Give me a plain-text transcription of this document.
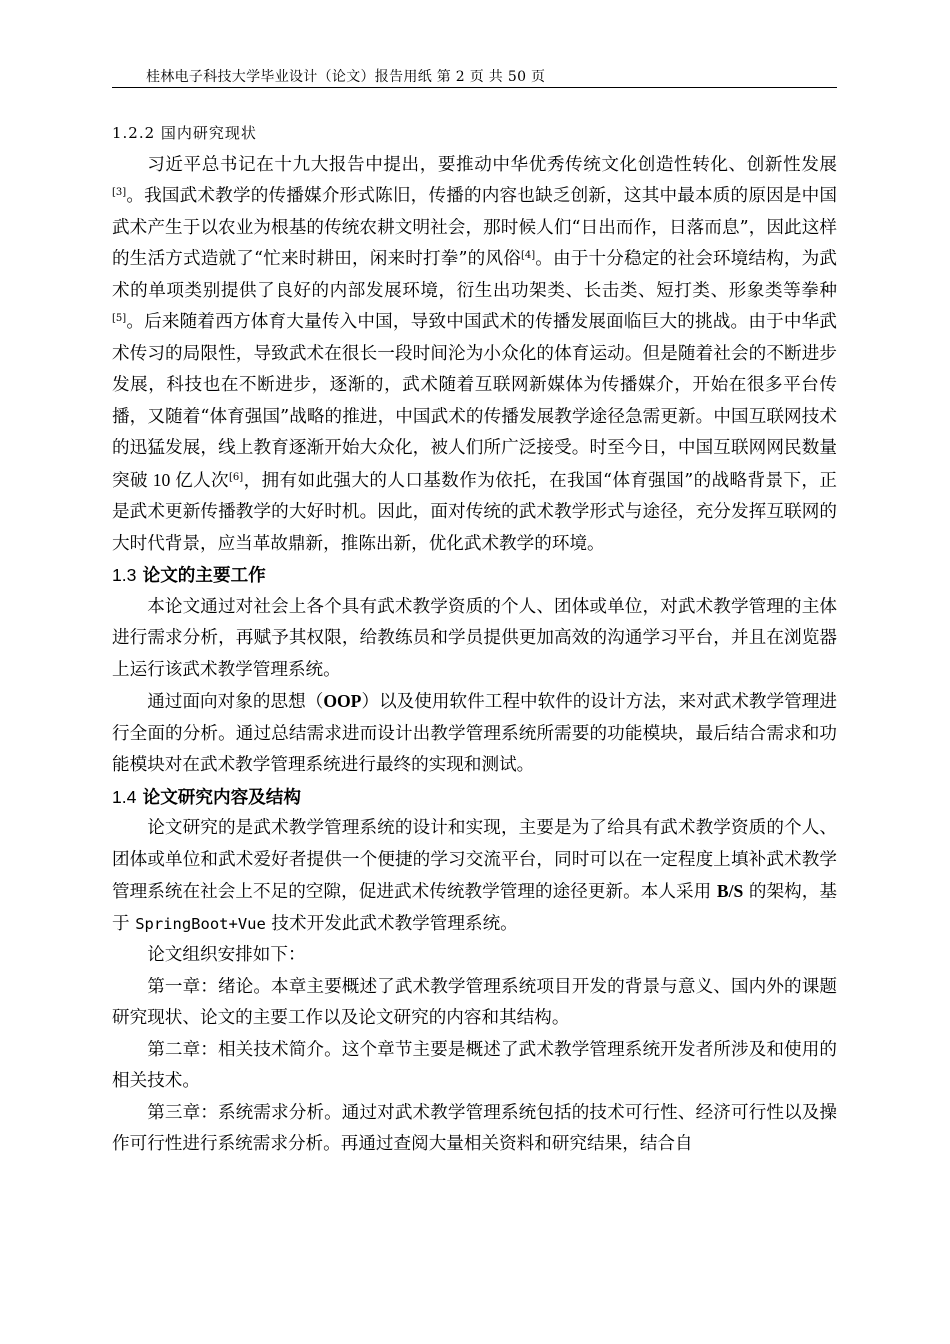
桂林电子科技大学毕业设计（论文）报告用纸 第 2 页 共 50 页

1.2.2 国内研究现状

习近平总书记在十九大报告中提出，要推动中华优秀传统文化创造性转化、创新性发展[3]。我国武术教学的传播媒介形式陈旧，传播的内容也缺乏创新，这其中最本质的原因是中国武术产生于以农业为根基的传统农耕文明社会，那时候人们“日出而作，日落而息”，因此这样的生活方式造就了“忙来时耕田，闲来时打拳”的风俗[4]。由于十分稳定的社会环境结构，为武术的单项类别提供了良好的内部发展环境，衍生出功架类、长击类、短打类、形象类等拳种[5]。后来随着西方体育大量传入中国，导致中国武术的传播发展面临巨大的挑战。由于中华武术传习的局限性，导致武术在很长一段时间沦为小众化的体育运动。但是随着社会的不断进步发展，科技也在不断进步，逐渐的，武术随着互联网新媒体为传播媒介，开始在很多平台传播，又随着“体育强国”战略的推进，中国武术的传播发展教学途径急需更新。中国互联网技术的迅猛发展，线上教育逐渐开始大众化，被人们所广泛接受。时至今日，中国互联网网民数量突破 10 亿人次[6]，拥有如此强大的人口基数作为依托，在我国“体育强国”的战略背景下，正是武术更新传播教学的大好时机。因此，面对传统的武术教学形式与途径，充分发挥互联网的大时代背景，应当革故鼎新，推陈出新，优化武术教学的环境。

1.3 论文的主要工作

本论文通过对社会上各个具有武术教学资质的个人、团体或单位，对武术教学管理的主体进行需求分析，再赋予其权限，给教练员和学员提供更加高效的沟通学习平台，并且在浏览器上运行该武术教学管理系统。

通过面向对象的思想（OOP）以及使用软件工程中软件的设计方法，来对武术教学管理进行全面的分析。通过总结需求进而设计出教学管理系统所需要的功能模块，最后结合需求和功能模块对在武术教学管理系统进行最终的实现和测试。

1.4 论文研究内容及结构

论文研究的是武术教学管理系统的设计和实现，主要是为了给具有武术教学资质的个人、团体或单位和武术爱好者提供一个便捷的学习交流平台，同时可以在一定程度上填补武术教学管理系统在社会上不足的空隙，促进武术传统教学管理的途径更新。本人采用 B/S 的架构，基于 SpringBoot+Vue 技术开发此武术教学管理系统。

论文组织安排如下：

第一章：绪论。本章主要概述了武术教学管理系统项目开发的背景与意义、国内外的课题研究现状、论文的主要工作以及论文研究的内容和其结构。

第二章：相关技术简介。这个章节主要是概述了武术教学管理系统开发者所涉及和使用的相关技术。

第三章：系统需求分析。通过对武术教学管理系统包括的技术可行性、经济可行性以及操作可行性进行系统需求分析。再通过查阅大量相关资料和研究结果，结合自
